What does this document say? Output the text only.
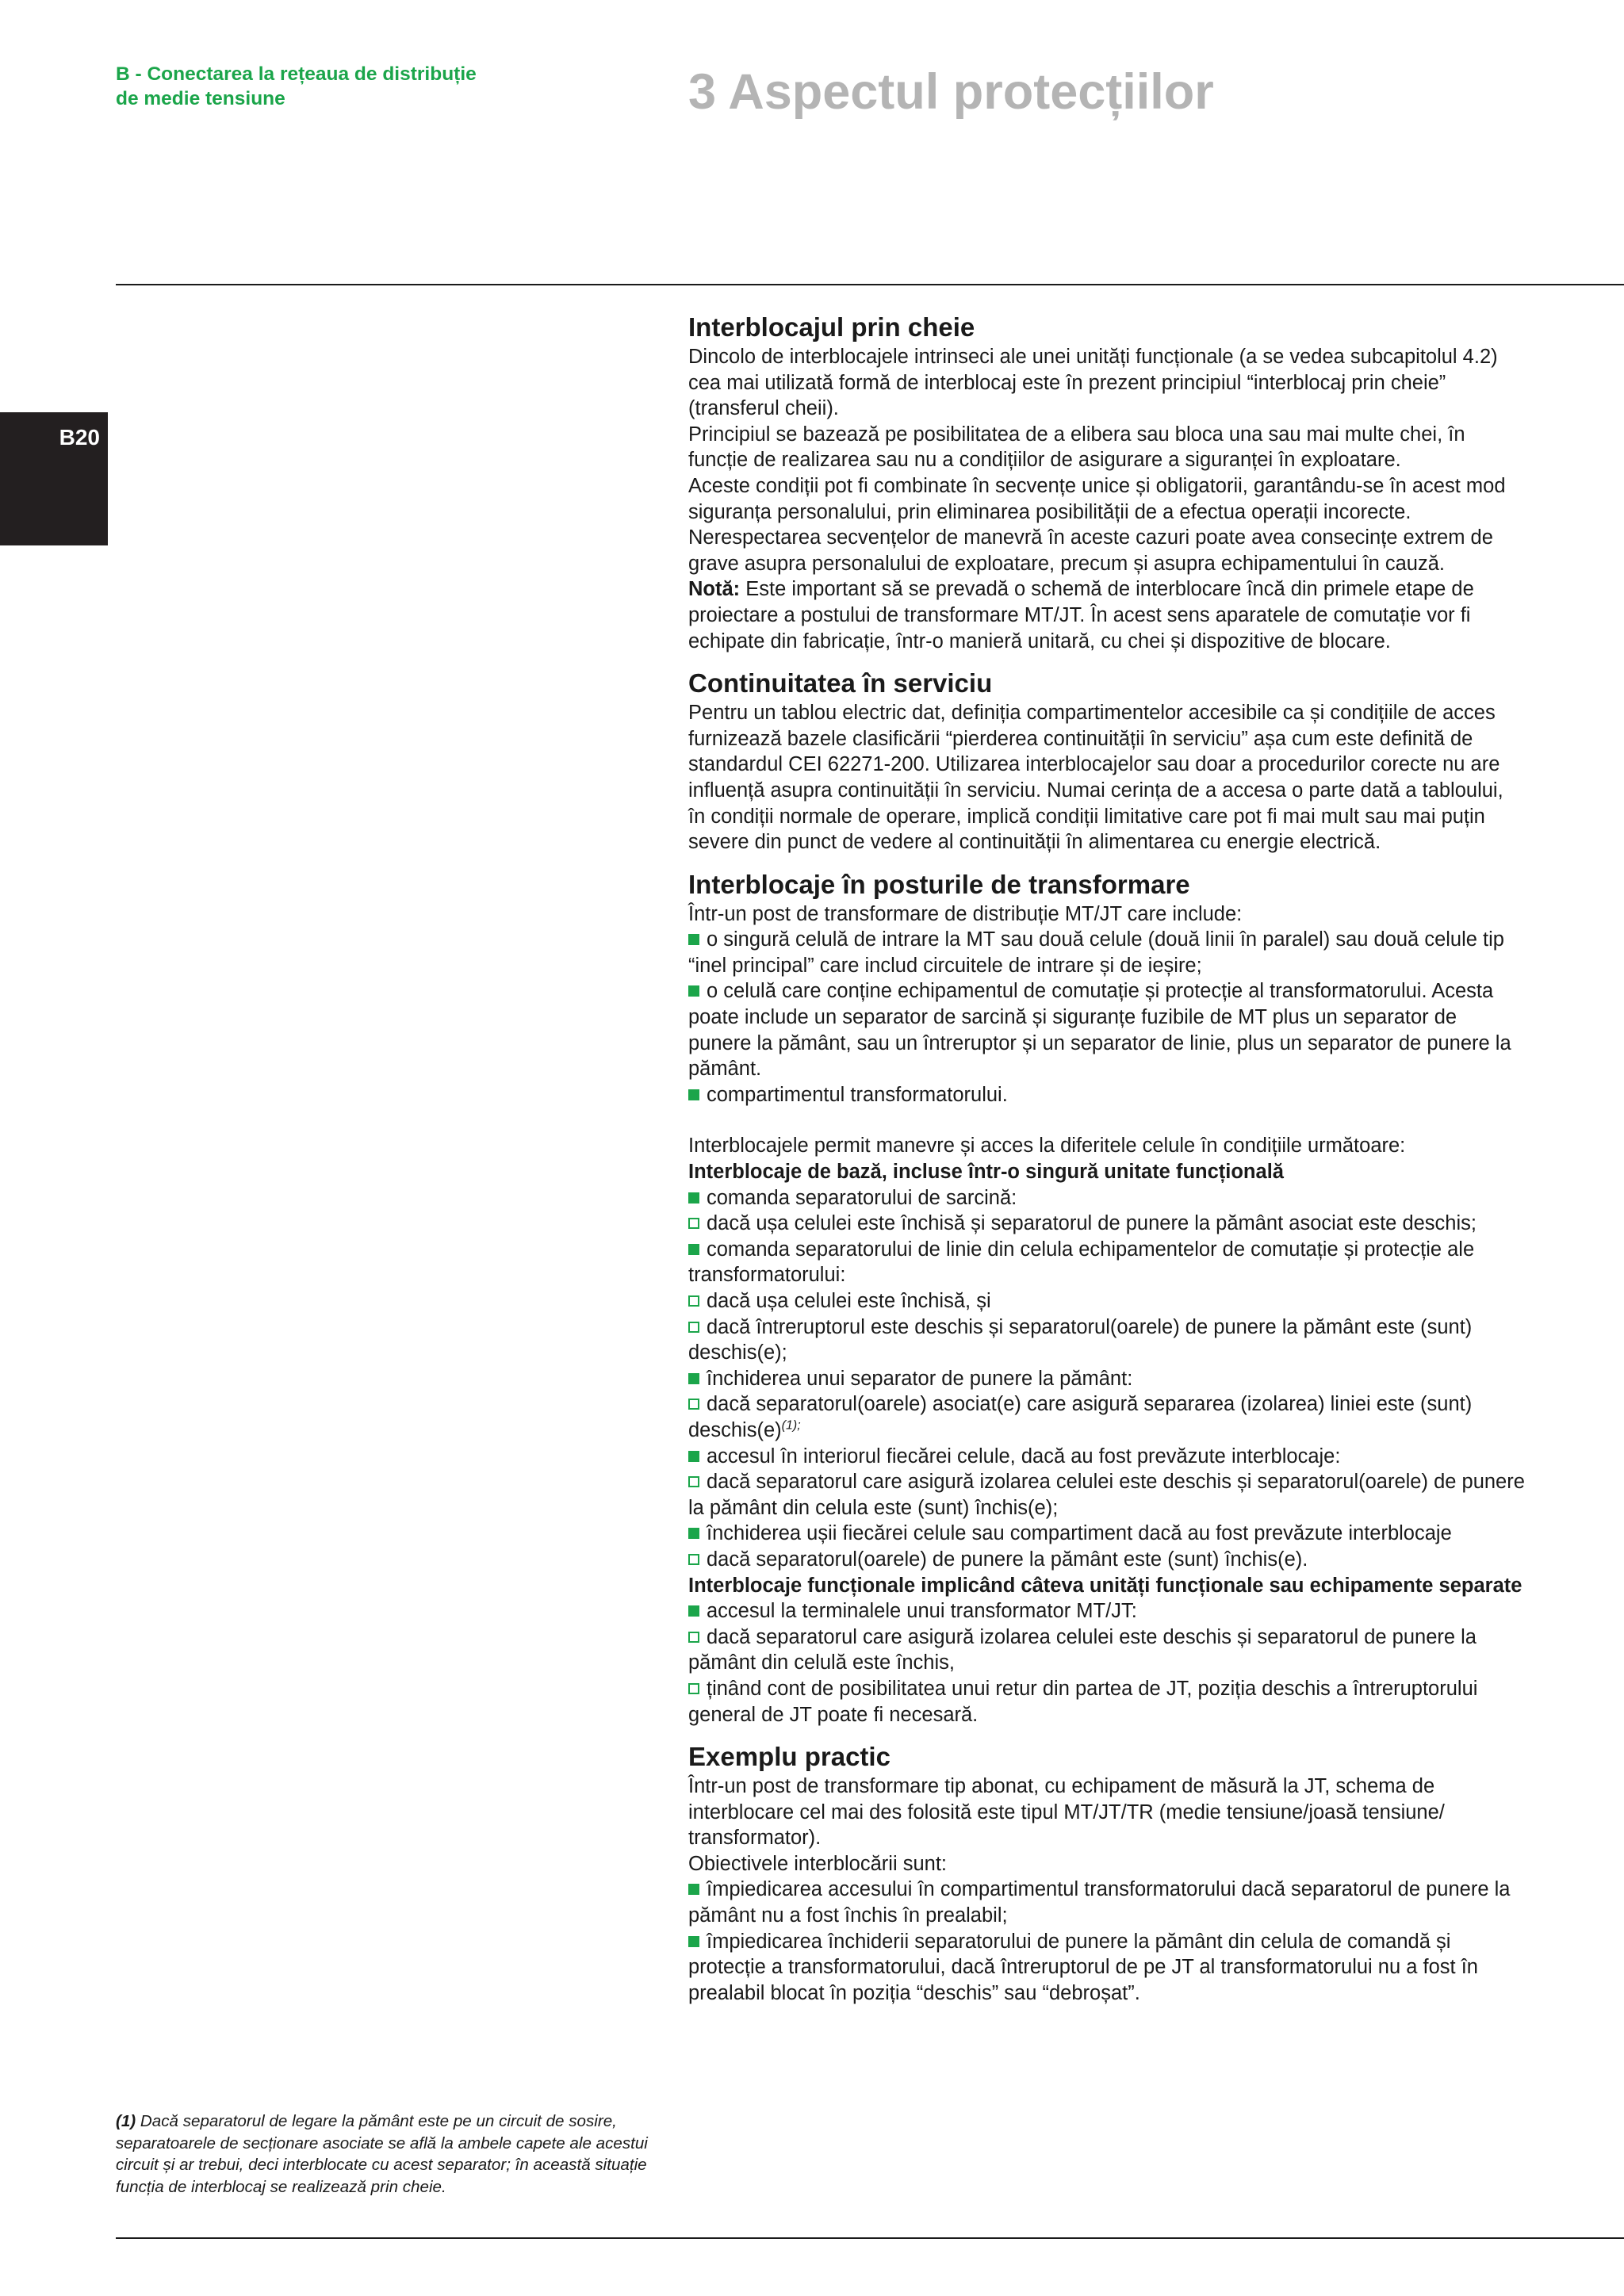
B - Conectarea la rețeaua de distribuție
de medie tensiune	3 Aspectul protecțiilor
B20
Interblocajul prin cheie

Dincolo de interblocajele intrinseci ale unei unități funcționale (a se vedea subcapitolul 4.2) cea mai utilizată formă de interblocaj este în prezent principiul “interblocaj prin cheie” (transferul cheii).

Principiul se bazează pe posibilitatea de a elibera sau bloca una sau mai multe chei, în funcție de realizarea sau nu a condițiilor de asigurare a siguranței în exploatare.

Aceste condiții pot fi combinate în secvențe unice și obligatorii, garantându-se în acest mod siguranța personalului, prin eliminarea posibilității de a efectua operații incorecte.

Nerespectarea secvențelor de manevră în aceste cazuri poate avea consecințe extrem de grave asupra personalului de exploatare, precum și asupra echipamentului în cauză.

Notă: Este important să se prevadă o schemă de interblocare încă din primele etape de proiectare a postului de transformare MT/JT. În acest sens aparatele de comutație vor fi echipate din fabricație, într-o manieră unitară, cu chei și dispozitive de blocare.

Continuitatea în serviciu

Pentru un tablou electric dat, definiția compartimentelor accesibile ca și condițiile de acces furnizează bazele clasificării “pierderea continuității în serviciu” așa cum este definită de standardul CEI 62271-200. Utilizarea interblocajelor sau doar a procedurilor corecte nu are influență asupra continuității în serviciu. Numai cerința de a accesa o parte dată a tabloului, în condiții normale de operare, implică condiții limitative care pot fi mai mult sau mai puțin severe din punct de vedere al continuității în alimentarea cu energie electrică.

Interblocaje în posturile de transformare

Într-un post de transformare de distribuție MT/JT care include:

o singură celulă de intrare la MT sau două celule (două linii în paralel) sau două celule tip “inel principal” care includ circuitele de intrare și de ieșire;

o celulă care conține echipamentul de comutație și protecție al transformatorului. Acesta poate include un separator de sarcină și siguranțe fuzibile de MT plus un separator de punere la pământ, sau un întreruptor și un separator de linie, plus un separator de punere la pământ.

compartimentul transformatorului.

Interblocajele permit manevre și acces la diferitele celule în condițiile următoare:

Interblocaje de bază, incluse într-o singură unitate funcțională

comanda separatorului de sarcină:

dacă ușa celulei este închisă și separatorul de punere la pământ asociat este deschis;

comanda separatorului de linie din celula echipamentelor de comutație și protecție ale transformatorului:

dacă ușa celulei este închisă, și

dacă întreruptorul este deschis și separatorul(oarele) de punere la pământ este (sunt) deschis(e);

închiderea unui separator de punere la pământ:

dacă separatorul(oarele) asociat(e) care asigură separarea (izolarea) liniei este (sunt) $deschis(e)^{(1);}$

accesul în interiorul fiecărei celule, dacă au fost prevăzute interblocaje:

dacă separatorul care asigură izolarea celulei este deschis și separatorul(oarele) de punere la pământ din celula este (sunt) închis(e);

închiderea ușii fiecărei celule sau compartiment dacă au fost prevăzute interblocaje

dacă separatorul(oarele) de punere la pământ este (sunt) închis(e).

Interblocaje funcționale implicând câteva unități funcționale sau echipamente separate

accesul la terminalele unui transformator MT/JT:

dacă separatorul care asigură izolarea celulei este deschis și separatorul de punere la pământ din celulă este închis,

ținând cont de posibilitatea unui retur din partea de JT, poziția deschis a întreruptorului general de JT poate fi necesară.

Exemplu practic

Într-un post de transformare tip abonat, cu echipament de măsură la JT, schema de interblocare cel mai des folosită este tipul MT/JT/TR (medie tensiune/joasă tensiune/ transformator).

Obiectivele interblocării sunt:

împiedicarea accesului în compartimentul transformatorului dacă separatorul de punere la pământ nu a fost închis în prealabil;

împiedicarea închiderii separatorului de punere la pământ din celula de comandă și protecție a transformatorului, dacă întreruptorul de pe JT al transformatorului nu a fost în prealabil blocat în poziția “deschis” sau “debroșat”.

(1) Dacă separatorul de legare la pământ este pe un circuit de sosire, separatoarele de secționare asociate se află la ambele capete ale acestui circuit și ar trebui, deci interblocate cu acest separator; în această situație funcția de interblocaj se realizează prin cheie.
